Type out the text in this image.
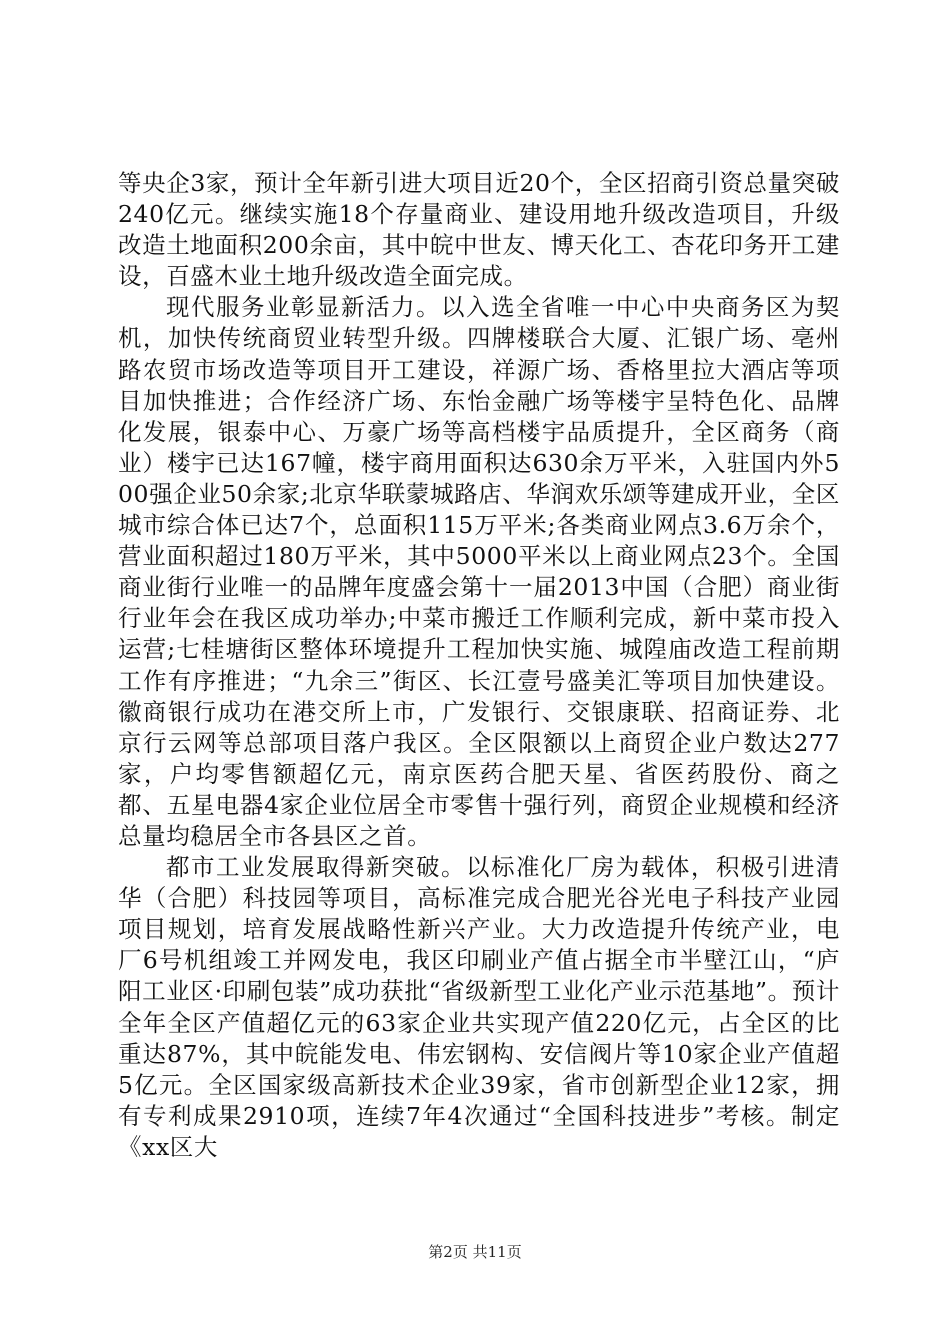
等央企3家，预计全年新引进大项目近20个，全区招商引资总量突破240亿元。继续实施18个存量商业、建设用地升级改造项目，升级改造土地面积200余亩，其中皖中世友、博天化工、杏花印务开工建设，百盛木业土地升级改造全面完成。

现代服务业彰显新活力。以入选全省唯一中心中央商务区为契机，加快传统商贸业转型升级。四牌楼联合大厦、汇银广场、亳州路农贸市场改造等项目开工建设，祥源广场、香格里拉大酒店等项目加快推进；合作经济广场、东怡金融广场等楼宇呈特色化、品牌化发展，银泰中心、万豪广场等高档楼宇品质提升，全区商务（商业）楼宇已达167幢，楼宇商用面积达630余万平米，入驻国内外500强企业50余家;北京华联蒙城路店、华润欢乐颂等建成开业，全区城市综合体已达7个，总面积115万平米;各类商业网点3.6万余个，营业面积超过180万平米，其中5000平米以上商业网点23个。全国商业街行业唯一的品牌年度盛会第十一届2013中国（合肥）商业街行业年会在我区成功举办;中菜市搬迁工作顺利完成，新中菜市投入运营;七桂塘街区整体环境提升工程加快实施、城隍庙改造工程前期工作有序推进；“九余三”街区、长江壹号盛美汇等项目加快建设。徽商银行成功在港交所上市，广发银行、交银康联、招商证券、北京行云网等总部项目落户我区。全区限额以上商贸企业户数达277家，户均零售额超亿元，南京医药合肥天星、省医药股份、商之都、五星电器4家企业位居全市零售十强行列，商贸企业规模和经济总量均稳居全市各县区之首。

都市工业发展取得新突破。以标准化厂房为载体，积极引进清华（合肥）科技园等项目，高标准完成合肥光谷光电子科技产业园项目规划，培育发展战略性新兴产业。大力改造提升传统产业，电厂6号机组竣工并网发电，我区印刷业产值占据全市半壁江山，“庐阳工业区·印刷包装”成功获批“省级新型工业化产业示范基地”。预计全年全区产值超亿元的63家企业共实现产值220亿元，占全区的比重达87%，其中皖能发电、伟宏钢构、安信阀片等10家企业产值超5亿元。全区国家级高新技术企业39家，省市创新型企业12家，拥有专利成果2910项，连续7年4次通过“全国科技进步”考核。制定《xx区大

第2页 共11页
